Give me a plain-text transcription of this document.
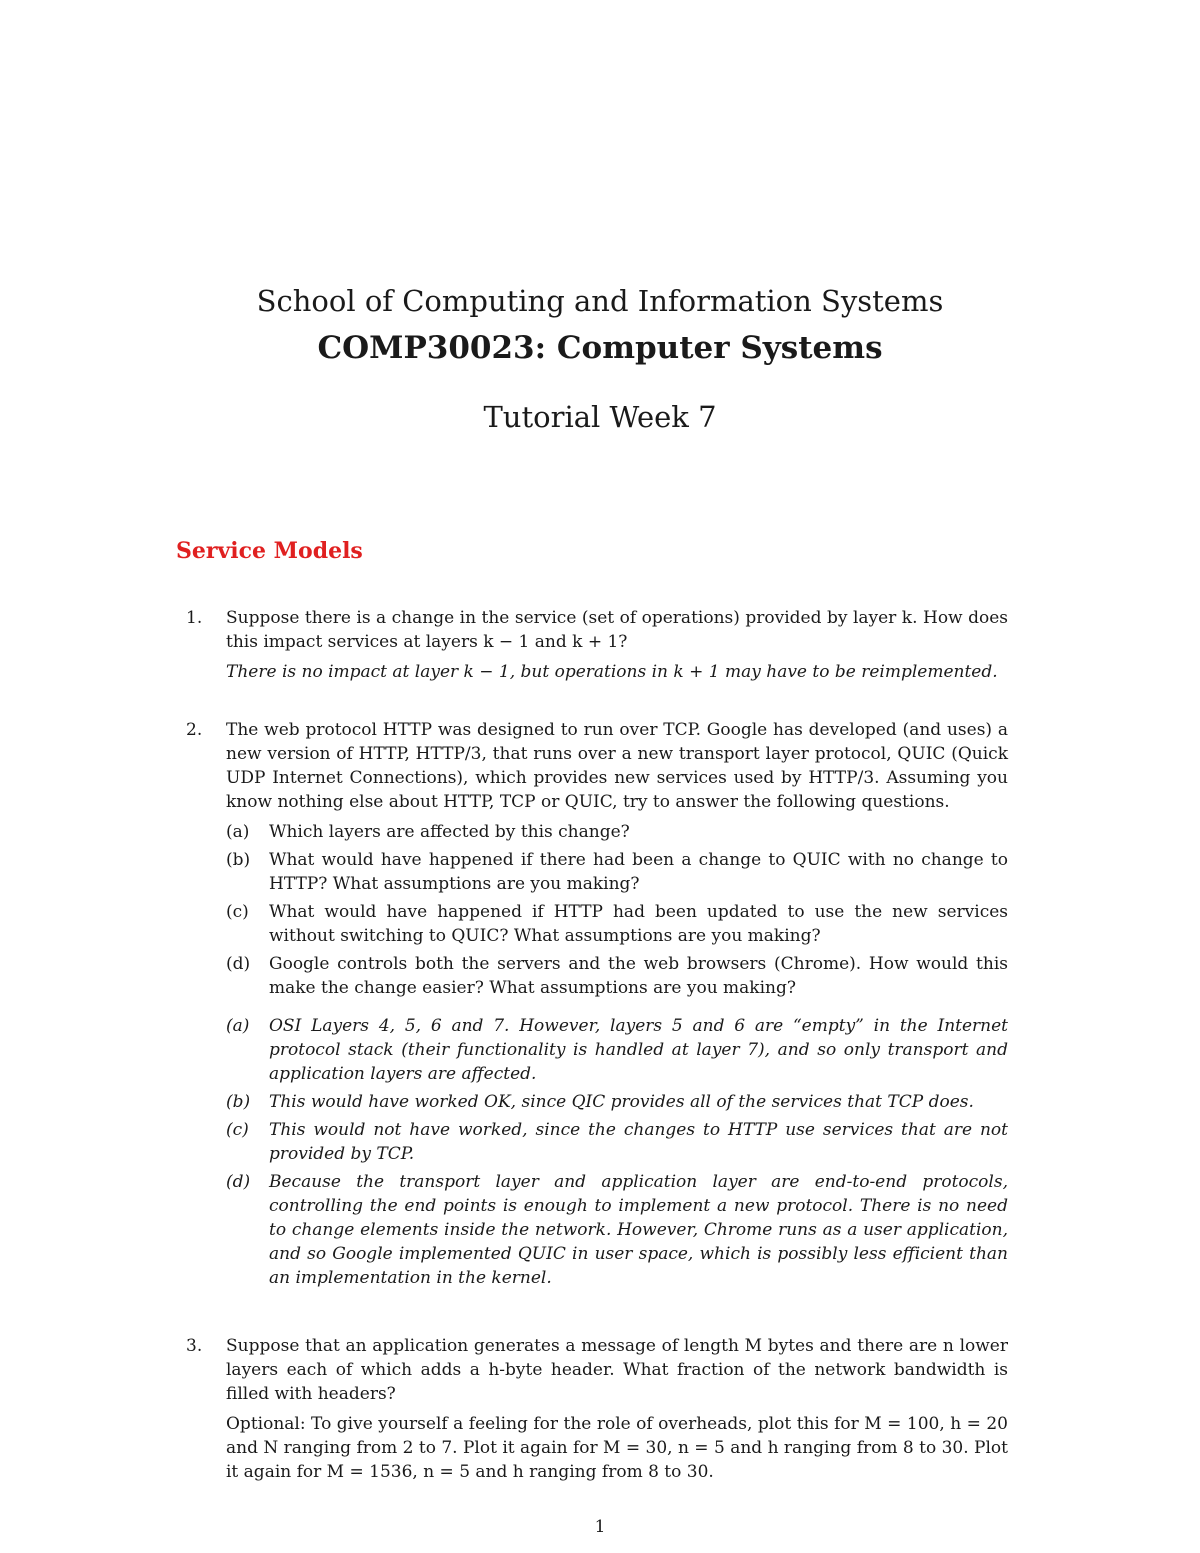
School of Computing and Information Systems
COMP30023: Computer Systems
Tutorial Week 7
Service Models
1.	Suppose there is a change in the service (set of operations) provided by layer k. How does this impact services at layers k − 1 and k + 1?
There is no impact at layer k − 1, but operations in k + 1 may have to be reimplemented.
2.	The web protocol HTTP was designed to run over TCP. Google has developed (and uses) a new version of HTTP, HTTP/3, that runs over a new transport layer protocol, QUIC (Quick UDP Internet Connections), which provides new services used by HTTP/3. Assuming you know nothing else about HTTP, TCP or QUIC, try to answer the following questions.
(a)	Which layers are affected by this change?
(b)	What would have happened if there had been a change to QUIC with no change to HTTP? What assumptions are you making?
(c)	What would have happened if HTTP had been updated to use the new services without switching to QUIC? What assumptions are you making?
(d)	Google controls both the servers and the web browsers (Chrome). How would this make the change easier? What assumptions are you making?
(a)	OSI Layers 4, 5, 6 and 7. However, layers 5 and 6 are “empty” in the Internet protocol stack (their functionality is handled at layer 7), and so only transport and application layers are affected.
(b)	This would have worked OK, since QIC provides all of the services that TCP does.
(c)	This would not have worked, since the changes to HTTP use services that are not provided by TCP.
(d)	Because the transport layer and application layer are end-to-end protocols, controlling the end points is enough to implement a new protocol. There is no need to change elements inside the network. However, Chrome runs as a user application, and so Google implemented QUIC in user space, which is possibly less efficient than an implementation in the kernel.
3.	Suppose that an application generates a message of length M bytes and there are n lower layers each of which adds a h-byte header. What fraction of the network bandwidth is filled with headers?
Optional: To give yourself a feeling for the role of overheads, plot this for M = 100, h = 20 and N ranging from 2 to 7. Plot it again for M = 30, n = 5 and h ranging from 8 to 30. Plot it again for M = 1536, n = 5 and h ranging from 8 to 30.
1
